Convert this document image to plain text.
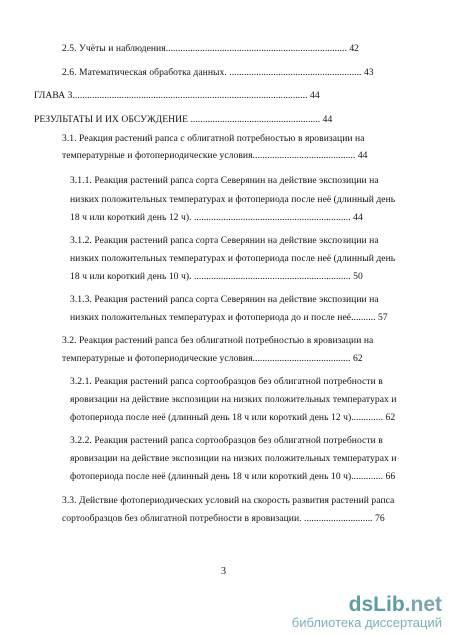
2.5. Учёты и наблюдения.......................................................................... 42
2.6. Математическая обработка данных. ...................................................... 43
ГЛАВА 3................................................................................................ 44
РЕЗУЛЬТАТЫ И ИХ ОБСУЖДЕНИЕ ..................................................... 44
3.1. Реакция растений рапса с облигатной потребностью в яровизации на
температурные и фотопериодические условия.......................................... 44
3.1.1. Реакция растений рапса сорта Северянин на действие экспозиции на
низких положительных температурах и фотопериода после неё (длинный день
18 ч или короткий день 12 ч). ................................................................ 44
3.1.2. Реакция растений рапса сорта Северянин на действие экспозиции на
низких положительных температурах и фотопериода после неё (длинный день
18 ч или короткий день 10 ч). ................................................................ 50
3.1.3. Реакция растений рапса сорта Северянин на действие экспозиции на
низких положительных температурах и фотопериода до и после неё.......... 57
3.2. Реакция растений рапса без облигатной потребностью в яровизации на
температурные и фотопериодические условия........................................ 62
3.2.1. Реакция растений рапса сортообразцов без облигатной потребности в
яровизации на действие экспозиции на низких положительных температурах и
фотопериода после неё (длинный день 18 ч или короткий день 12 ч)............. 62
3.2.2. Реакция растений рапса сортообразцов без облигатной потребности в
яровизации на действие экспозиции на низких положительных температурах и
фотопериода после неё (длинный день 18 ч или короткий день 10 ч)............. 66
3.3. Действие фотопериодических условий на скорость развития растений рапса
сортообразцов без облигатной потребности в яровизации. ............................ 76
3
dsLib.net
библиотека диссертаций
